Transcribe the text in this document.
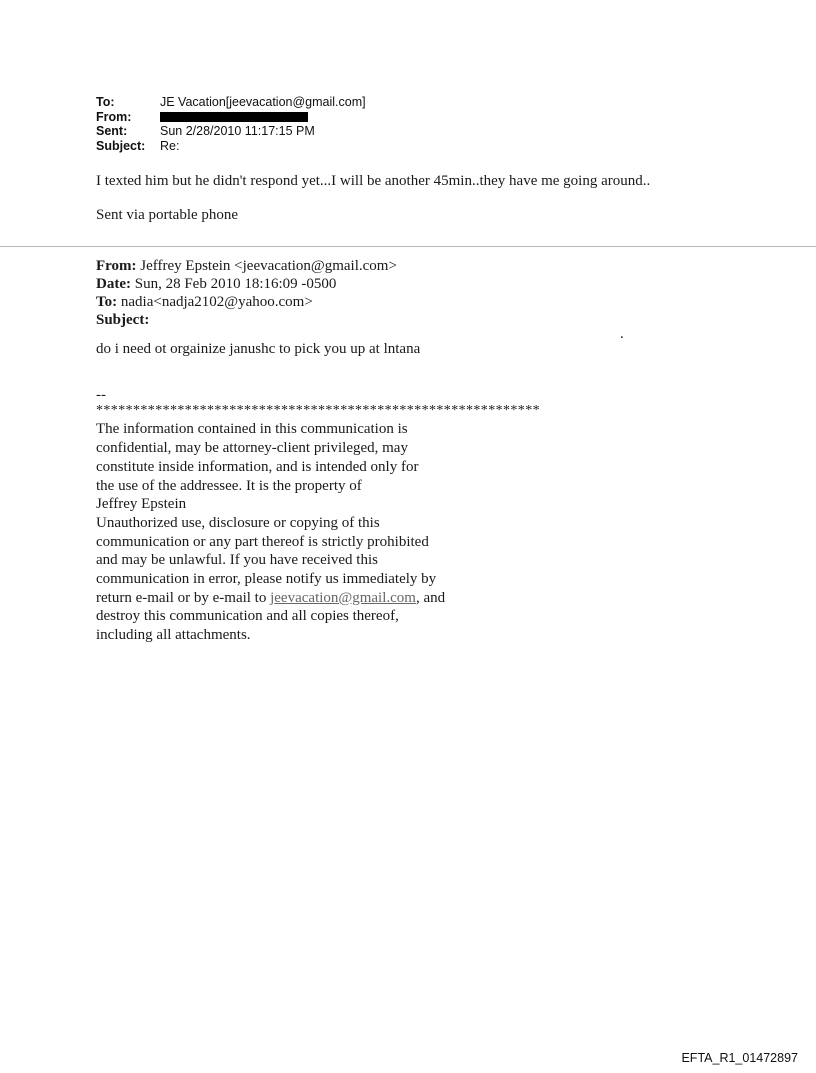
To:	JE Vacation[jeevacation@gmail.com]
From:
Sent:	Sun 2/28/2010 11:17:15 PM
Subject:	Re:
I texted him but he didn't respond yet...I will be another 45min..they have me going around..
Sent via portable phone
From: Jeffrey Epstein <jeevacation@gmail.com>
Date: Sun, 28 Feb 2010 18:16:09 -0500
To: nadia<nadja2102@yahoo.com>
Subject:
.
do i need ot orgainize janushc to pick you up at lntana
--
************************************************************
The information contained in this communication is
confidential, may be attorney-client privileged, may
constitute inside information, and is intended only for
the use of the addressee. It is the property of
Jeffrey Epstein
Unauthorized use, disclosure or copying of this
communication or any part thereof is strictly prohibited
and may be unlawful. If you have received this
communication in error, please notify us immediately by
return e-mail or by e-mail to jeevacation@gmail.com, and
destroy this communication and all copies thereof,
including all attachments.
EFTA_R1_01472897
